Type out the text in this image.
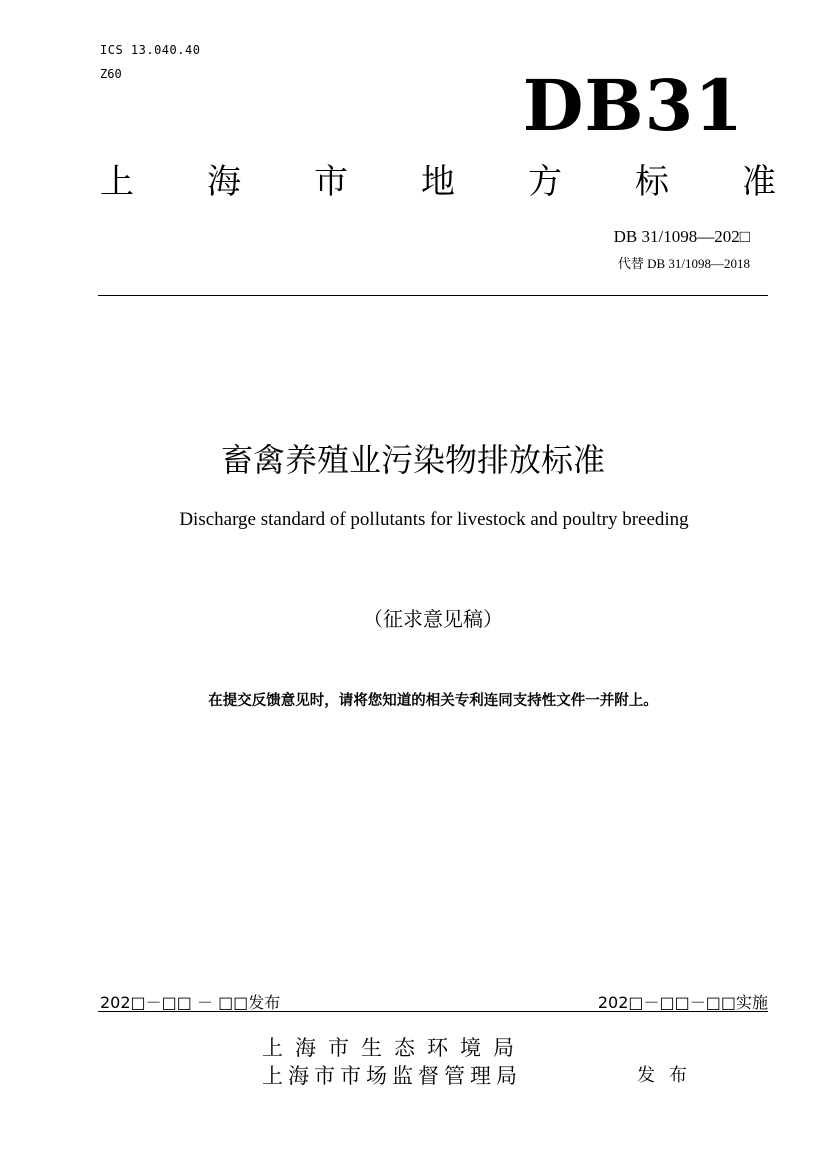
ICS 13.040.40
Z60	DB31
上 海 市 地 方 标 准
DB 31/1098—202□
代替 DB 31/1098—2018
畜禽养殖业污染物排放标准
Discharge standard of pollutants for livestock and poultry breeding
（征求意见稿）
在提交反馈意见时，请将您知道的相关专利连同支持性文件一并附上。
202□－□□ － □□发布	202□－□□－□□实施
上海市生态环境局
上海市市场监督管理局	发布
